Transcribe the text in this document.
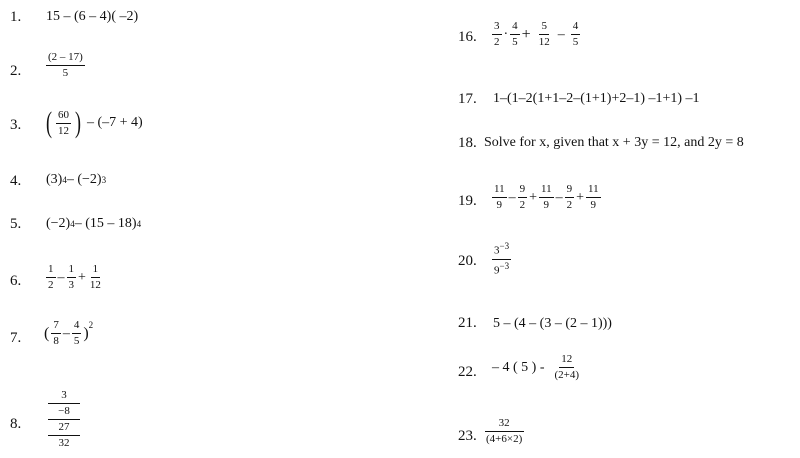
1. 15 – (6 – 4)( –2)
2. $\frac{(2 - 17)}{5}$
3. ( $\frac{60}{12}$ ) – (–7 + 4)
4. (3) 4 – (−2) 3
5. (−2) 4 – (15 – 18) 4
6. $\frac{1}{2} - \frac{1}{3} + \frac{1}{12}$
7. ( $\frac{7}{8} - \frac{4}{5} )^2$
8.
3
−8
27
32
16. $\frac{3}{2} \cdot \frac{4}{5} + \frac{5}{12} - \frac{4}{5}$
17. 1–(1–2(1+1–2–(1+1)+2–1) –1+1) –1
18. Solve for x, given that x + 3y = 12, and 2y = 8
19. $\frac{11}{9} - \frac{9}{2} + \frac{11}{9} - \frac{9}{2} + \frac{11}{9}$
20. $\frac{3^{-3}}{9^{-3}}$
21. 5 – (4 – (3 – (2 – 1)))
22. – 4 ( 5 ) - $\frac{12}{(2+4)}$
23. $\frac{32}{(4+6\times 2)}$
